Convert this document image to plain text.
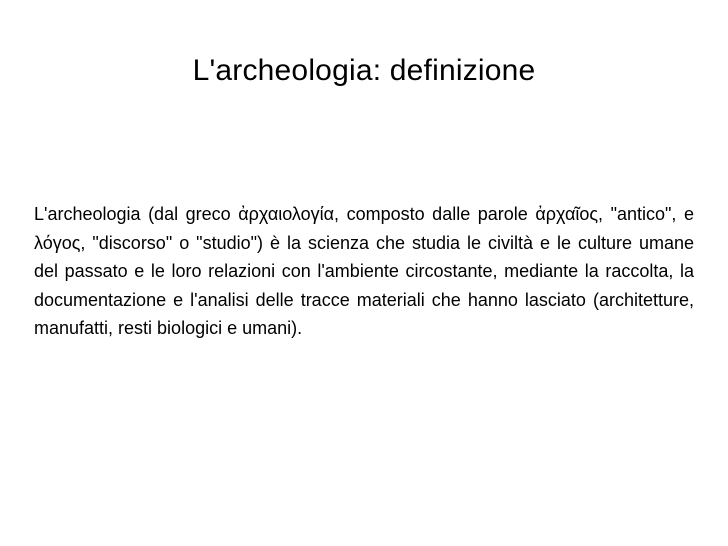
L'archeologia: definizione

L'archeologia (dal greco ἀρχαιολογία, composto dalle parole ἀρχαῖος, "antico", e λόγος, "discorso" o "studio") è la scienza che studia le civiltà e le culture umane del passato e le loro relazioni con l'ambiente circostante, mediante la raccolta, la documentazione e l'analisi delle tracce materiali che hanno lasciato (architetture, manufatti, resti biologici e umani).
